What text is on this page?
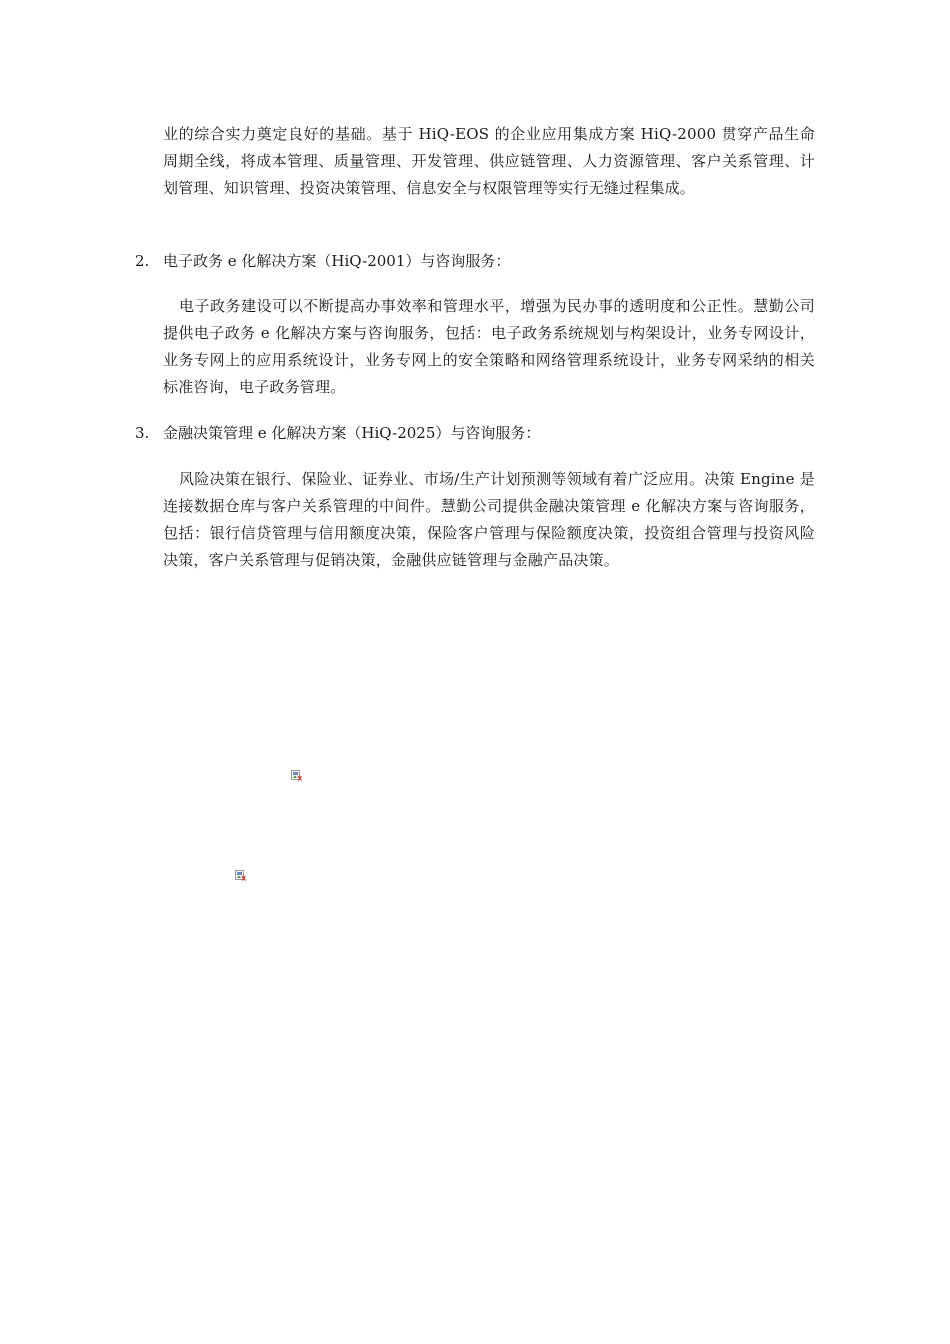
业的综合实力奠定良好的基础。基于 HiQ-EOS 的企业应用集成方案 HiQ-2000 贯穿产品生命周期全线，将成本管理、质量管理、开发管理、供应链管理、人力资源管理、客户关系管理、计划管理、知识管理、投资决策管理、信息安全与权限管理等实行无缝过程集成。

2. 电子政务 e 化解决方案（HiQ-2001）与咨询服务：

电子政务建设可以不断提高办事效率和管理水平，增强为民办事的透明度和公正性。慧勤公司提供电子政务 e 化解决方案与咨询服务，包括：电子政务系统规划与构架设计，业务专网设计，业务专网上的应用系统设计，业务专网上的安全策略和网络管理系统设计，业务专网采纳的相关标准咨询，电子政务管理。

3. 金融决策管理 e 化解决方案（HiQ-2025）与咨询服务：

风险决策在银行、保险业、证券业、市场/生产计划预测等领域有着广泛应用。决策 Engine 是连接数据仓库与客户关系管理的中间件。慧勤公司提供金融决策管理 e 化解决方案与咨询服务，包括：银行信贷管理与信用额度决策，保险客户管理与保险额度决策，投资组合管理与投资风险决策，客户关系管理与促销决策，金融供应链管理与金融产品决策。
